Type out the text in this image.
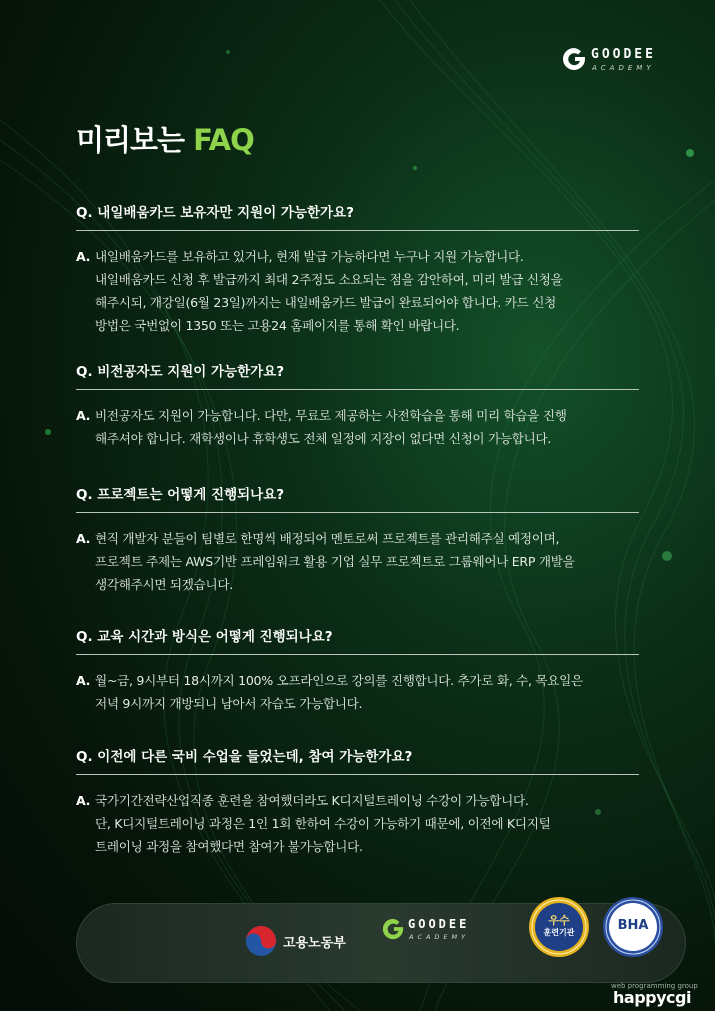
GOODEE
ACADEMY
미리보는 FAQ
Q. 내일배움카드 보유자만 지원이 가능한가요?
A. 내일배움카드를 보유하고 있거나, 현재 발급 가능하다면 누구나 지원 가능합니다.
내일배움카드 신청 후 발급까지 최대 2주정도 소요되는 점을 감안하여, 미리 발급 신청을
해주시되, 개강일(6월 23일)까지는 내일배움카드 발급이 완료되어야 합니다. 카드 신청
방법은 국번없이 1350 또는 고용24 홈페이지를 통해 확인 바랍니다.
Q. 비전공자도 지원이 가능한가요?
A. 비전공자도 지원이 가능합니다. 다만, 무료로 제공하는 사전학습을 통해 미리 학습을 진행
해주셔야 합니다. 재학생이나 휴학생도 전체 일정에 지장이 없다면 신청이 가능합니다.
Q. 프로젝트는 어떻게 진행되나요?
A. 현직 개발자 분들이 팀별로 한명씩 배정되어 멘토로써 프로젝트를 관리해주실 예정이며,
프로젝트 주제는 AWS기반 프레임워크 활용 기업 실무 프로젝트로 그룹웨어나 ERP 개발을
생각해주시면 되겠습니다.
Q. 교육 시간과 방식은 어떻게 진행되나요?
A. 월~금, 9시부터 18시까지 100% 오프라인으로 강의를 진행합니다. 추가로 화, 수, 목요일은
저녁 9시까지 개방되니 남아서 자습도 가능합니다.
Q. 이전에 다른 국비 수업을 들었는데, 참여 가능한가요?
A. 국가기간전략산업직종 훈련을 참여했더라도 K디지털트레이닝 수강이 가능합니다.
단, K디지털트레이닝 과정은 1인 1회 한하여 수강이 가능하기 때문에, 이전에 K디지털
트레이닝 과정을 참여했다면 참여가 불가능합니다.
고용노동부
GOODEE
ACADEMY
우수
훈련기관	BHA
web programming group
happycgi
